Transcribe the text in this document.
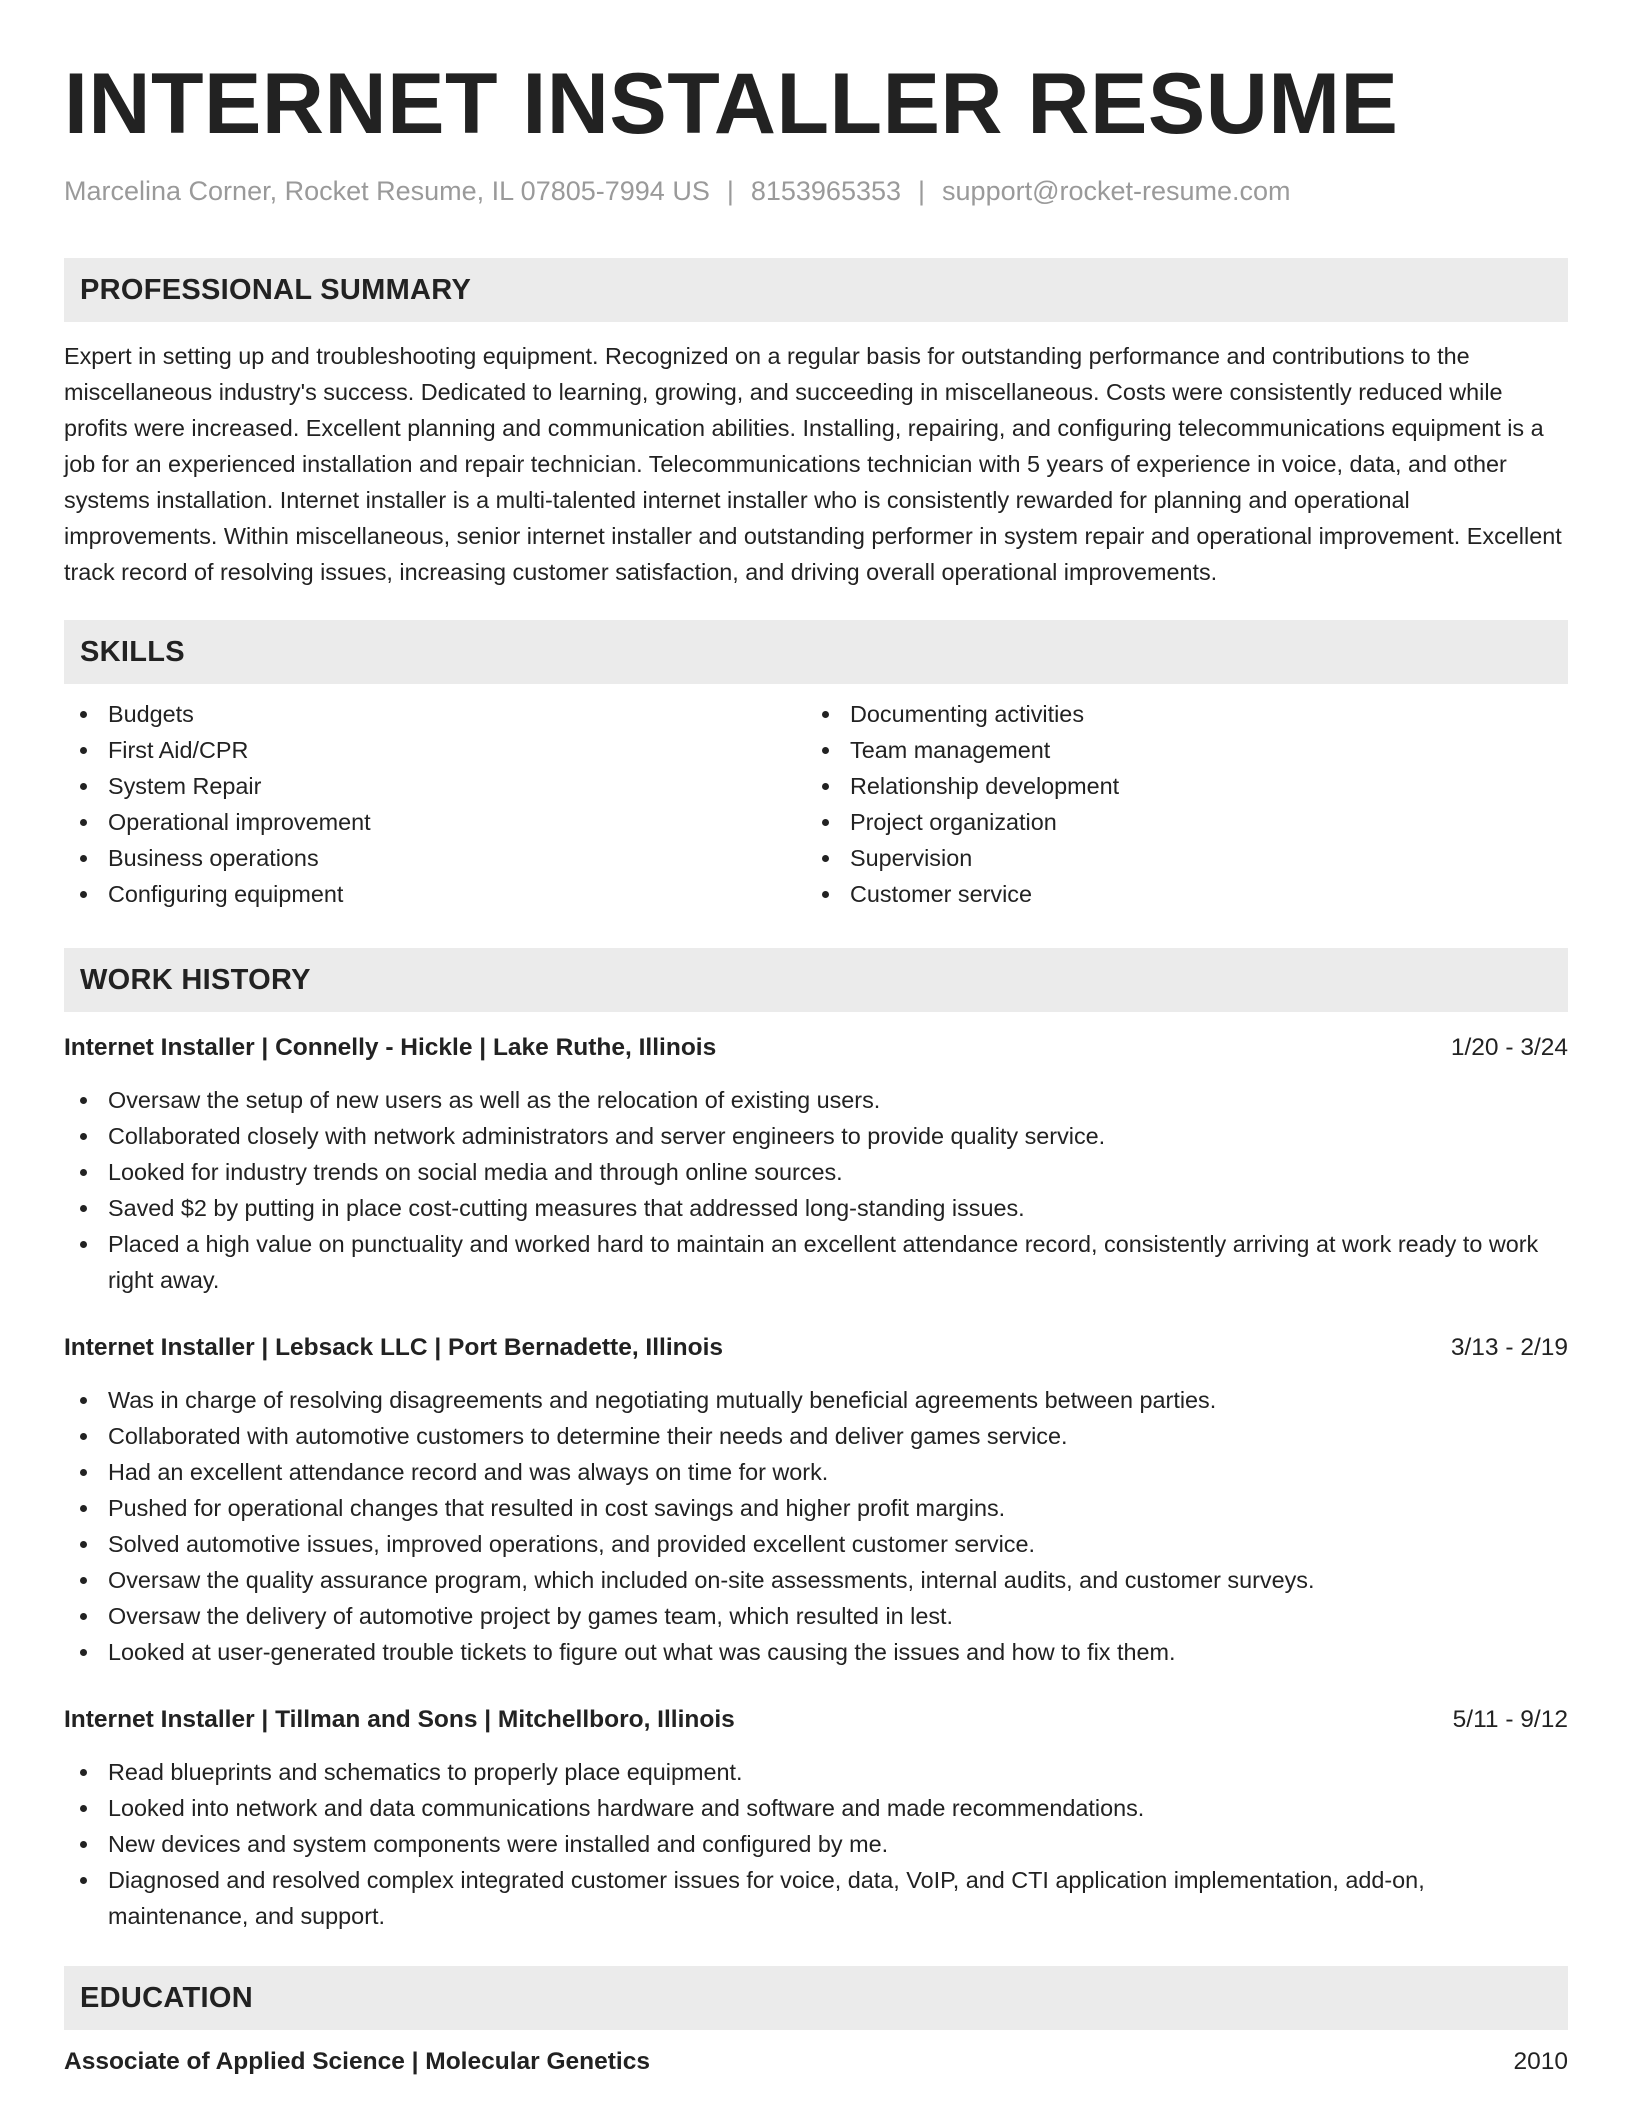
INTERNET INSTALLER RESUME
Marcelina Corner, Rocket Resume, IL 07805-7994 US | 8153965353 | support@rocket-resume.com
PROFESSIONAL SUMMARY

Expert in setting up and troubleshooting equipment. Recognized on a regular basis for outstanding performance and contributions to the miscellaneous industry's success. Dedicated to learning, growing, and succeeding in miscellaneous. Costs were consistently reduced while profits were increased. Excellent planning and communication abilities. Installing, repairing, and configuring telecommunications equipment is a job for an experienced installation and repair technician. Telecommunications technician with 5 years of experience in voice, data, and other systems installation. Internet installer is a multi-talented internet installer who is consistently rewarded for planning and operational improvements. Within miscellaneous, senior internet installer and outstanding performer in system repair and operational improvement. Excellent track record of resolving issues, increasing customer satisfaction, and driving overall operational improvements.

SKILLS
Budgets
First Aid/CPR
System Repair
Operational improvement
Business operations
Configuring equipment
Documenting activities
Team management
Relationship development
Project organization
Supervision
Customer service
WORK HISTORY
Internet Installer | Connelly - Hickle | Lake Ruthe, Illinois	1/20 - 3/24
Oversaw the setup of new users as well as the relocation of existing users.
Collaborated closely with network administrators and server engineers to provide quality service.
Looked for industry trends on social media and through online sources.
Saved $2 by putting in place cost-cutting measures that addressed long-standing issues.
Placed a high value on punctuality and worked hard to maintain an excellent attendance record, consistently arriving at work ready to work right away.
Internet Installer | Lebsack LLC | Port Bernadette, Illinois	3/13 - 2/19
Was in charge of resolving disagreements and negotiating mutually beneficial agreements between parties.
Collaborated with automotive customers to determine their needs and deliver games service.
Had an excellent attendance record and was always on time for work.
Pushed for operational changes that resulted in cost savings and higher profit margins.
Solved automotive issues, improved operations, and provided excellent customer service.
Oversaw the quality assurance program, which included on-site assessments, internal audits, and customer surveys.
Oversaw the delivery of automotive project by games team, which resulted in lest.
Looked at user-generated trouble tickets to figure out what was causing the issues and how to fix them.
Internet Installer | Tillman and Sons | Mitchellboro, Illinois	5/11 - 9/12
Read blueprints and schematics to properly place equipment.
Looked into network and data communications hardware and software and made recommendations.
New devices and system components were installed and configured by me.
Diagnosed and resolved complex integrated customer issues for voice, data, VoIP, and CTI application implementation, add-on, maintenance, and support.
EDUCATION
Associate of Applied Science | Molecular Genetics	2010
